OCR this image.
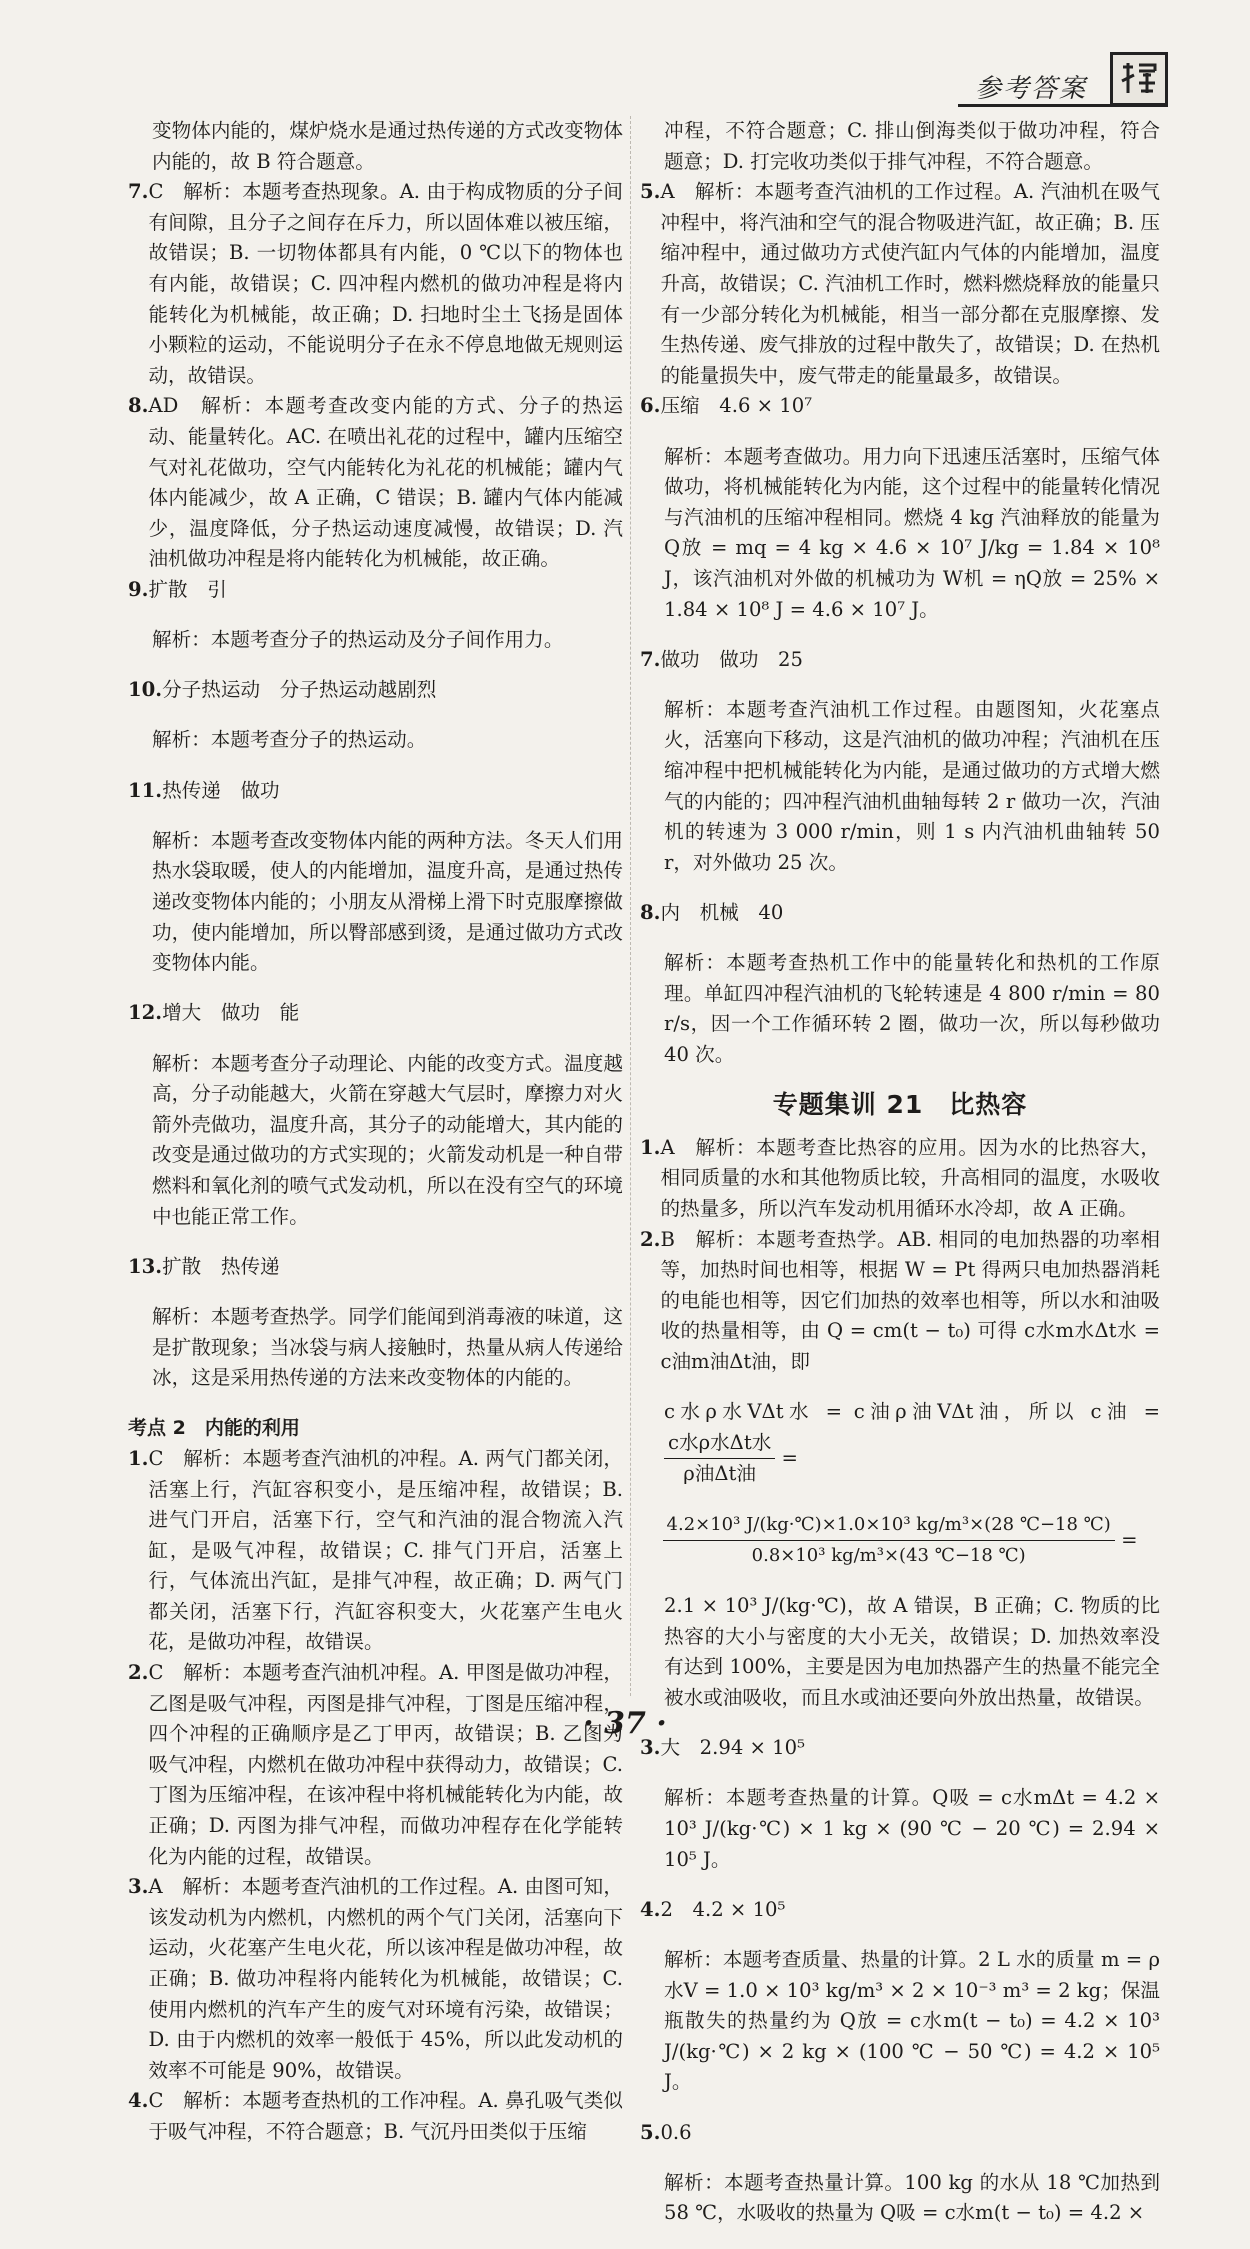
参考答案

变物体内能的，煤炉烧水是通过热传递的方式改变物体内能的，故 B 符合题意。

7. C　解析：本题考查热现象。A. 由于构成物质的分子间有间隙，且分子之间存在斥力，所以固体难以被压缩，故错误；B. 一切物体都具有内能，0 ℃以下的物体也有内能，故错误；C. 四冲程内燃机的做功冲程是将内能转化为机械能，故正确；D. 扫地时尘土飞扬是固体小颗粒的运动，不能说明分子在永不停息地做无规则运动，故错误。
8. AD　解析：本题考查改变内能的方式、分子的热运动、能量转化。AC. 在喷出礼花的过程中，罐内压缩空气对礼花做功，空气内能转化为礼花的机械能；罐内气体内能减少，故 A 正确，C 错误；B. 罐内气体内能减少，温度降低，分子热运动速度减慢，故错误；D. 汽油机做功冲程是将内能转化为机械能，故正确。
9. 扩散　引

解析：本题考查分子的热运动及分子间作用力。

10. 分子热运动　分子热运动越剧烈

解析：本题考查分子的热运动。

11. 热传递　做功

解析：本题考查改变物体内能的两种方法。冬天人们用热水袋取暖，使人的内能增加，温度升高，是通过热传递改变物体内能的；小朋友从滑梯上滑下时克服摩擦做功，使内能增加，所以臀部感到烫，是通过做功方式改变物体内能。

12. 增大　做功　能

解析：本题考查分子动理论、内能的改变方式。温度越高，分子动能越大，火箭在穿越大气层时，摩擦力对火箭外壳做功，温度升高，其分子的动能增大，其内能的改变是通过做功的方式实现的；火箭发动机是一种自带燃料和氧化剂的喷气式发动机，所以在没有空气的环境中也能正常工作。

13. 扩散　热传递

解析：本题考查热学。同学们能闻到消毒液的味道，这是扩散现象；当冰袋与病人接触时，热量从病人传递给冰，这是采用热传递的方法来改变物体的内能的。

考点 2　内能的利用

1. C　解析：本题考查汽油机的冲程。A. 两气门都关闭，活塞上行，汽缸容积变小，是压缩冲程，故错误；B. 进气门开启，活塞下行，空气和汽油的混合物流入汽缸，是吸气冲程，故错误；C. 排气门开启，活塞上行，气体流出汽缸，是排气冲程，故正确；D. 两气门都关闭，活塞下行，汽缸容积变大，火花塞产生电火花，是做功冲程，故错误。
2. C　解析：本题考查汽油机冲程。A. 甲图是做功冲程，乙图是吸气冲程，丙图是排气冲程，丁图是压缩冲程，四个冲程的正确顺序是乙丁甲丙，故错误；B. 乙图为吸气冲程，内燃机在做功冲程中获得动力，故错误；C. 丁图为压缩冲程，在该冲程中将机械能转化为内能，故正确；D. 丙图为排气冲程，而做功冲程存在化学能转化为内能的过程，故错误。
3. A　解析：本题考查汽油机的工作过程。A. 由图可知，该发动机为内燃机，内燃机的两个气门关闭，活塞向下运动，火花塞产生电火花，所以该冲程是做功冲程，故正确；B. 做功冲程将内能转化为机械能，故错误；C. 使用内燃机的汽车产生的废气对环境有污染，故错误；D. 由于内燃机的效率一般低于 45%，所以此发动机的效率不可能是 90%，故错误。
4. C　解析：本题考查热机的工作冲程。A. 鼻孔吸气类似于吸气冲程，不符合题意；B. 气沉丹田类似于压缩

冲程，不符合题意；C. 排山倒海类似于做功冲程，符合题意；D. 打完收功类似于排气冲程，不符合题意。

5. A　解析：本题考查汽油机的工作过程。A. 汽油机在吸气冲程中，将汽油和空气的混合物吸进汽缸，故正确；B. 压缩冲程中，通过做功方式使汽缸内气体的内能增加，温度升高，故错误；C. 汽油机工作时，燃料燃烧释放的能量只有一少部分转化为机械能，相当一部分都在克服摩擦、发生热传递、废气排放的过程中散失了，故错误；D. 在热机的能量损失中，废气带走的能量最多，故错误。
6. 压缩　4.6 × 10⁷

解析：本题考查做功。用力向下迅速压活塞时，压缩气体做功，将机械能转化为内能，这个过程中的能量转化情况与汽油机的压缩冲程相同。燃烧 4 kg 汽油释放的能量为 Q放 = mq = 4 kg × 4.6 × 10⁷ J/kg = 1.84 × 10⁸ J，该汽油机对外做的机械功为 W机 = ηQ放 = 25% × 1.84 × 10⁸ J = 4.6 × 10⁷ J。

7. 做功　做功　25

解析：本题考查汽油机工作过程。由题图知，火花塞点火，活塞向下移动，这是汽油机的做功冲程；汽油机在压缩冲程中把机械能转化为内能，是通过做功的方式增大燃气的内能的；四冲程汽油机曲轴每转 2 r 做功一次，汽油机的转速为 3 000 r/min，则 1 s 内汽油机曲轴转 50 r，对外做功 25 次。

8. 内　机械　40

解析：本题考查热机工作中的能量转化和热机的工作原理。单缸四冲程汽油机的飞轮转速是 4 800 r/min = 80 r/s，因一个工作循环转 2 圈，做功一次，所以每秒做功 40 次。

专题集训 21　比热容
1. A　解析：本题考查比热容的应用。因为水的比热容大，相同质量的水和其他物质比较，升高相同的温度，水吸收的热量多，所以汽车发动机用循环水冷却，故 A 正确。
2. B　解析：本题考查热学。AB. 相同的电加热器的功率相等，加热时间也相等，根据 W = Pt 得两只电加热器消耗的电能也相等，因它们加热的效率也相等，所以水和油吸收的热量相等，由 Q = cm(t − t₀) 可得 c水m水Δt水 = c油m油Δt油，即

c水ρ水VΔt水 = c油ρ油VΔt油，所以 c油 =
$\frac{\text{c水ρ水Δt水}}{\text{ρ油Δt油}}$ =

$\frac{\text{4.2×10³ J/(kg·℃)×1.0×10³ kg/m³×(28 ℃−18 ℃)}}{\text{0.8×10³ kg/m³×(43 ℃−18 ℃)}}$ =

2.1 × 10³ J/(kg·℃)，故 A 错误，B 正确；C. 物质的比热容的大小与密度的大小无关，故错误；D. 加热效率没有达到 100%，主要是因为电加热器产生的热量不能完全被水或油吸收，而且水或油还要向外放出热量，故错误。

3. 大　2.94 × 10⁵

解析：本题考查热量的计算。Q吸 = c水mΔt = 4.2 × 10³ J/(kg·℃) × 1 kg × (90 ℃ − 20 ℃) = 2.94 × 10⁵ J。

4. 2　4.2 × 10⁵

解析：本题考查质量、热量的计算。2 L 水的质量 m = ρ水V = 1.0 × 10³ kg/m³ × 2 × 10⁻³ m³ = 2 kg；保温瓶散失的热量约为 Q放 = c水m(t − t₀) = 4.2 × 10³ J/(kg·℃) × 2 kg × (100 ℃ − 50 ℃) = 4.2 × 10⁵ J。

5. 0.6

解析：本题考查热量计算。100 kg 的水从 18 ℃加热到 58 ℃，水吸收的热量为 Q吸 = c水m(t − t₀) = 4.2 ×

· 37 ·
